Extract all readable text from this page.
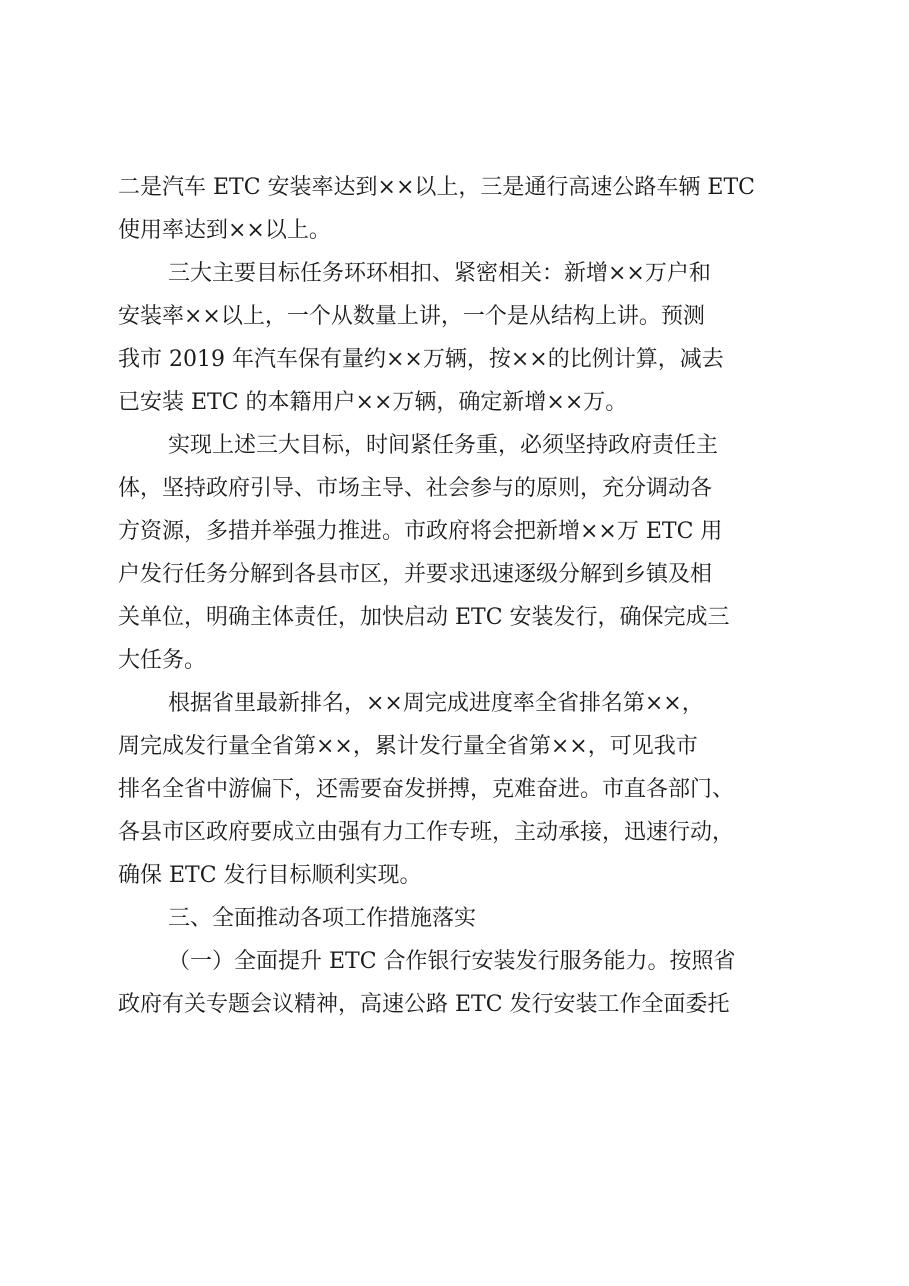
二是汽车 ETC 安装率达到××以上，三是通行高速公路车辆 ETC
使用率达到××以上。
三大主要目标任务环环相扣、紧密相关：新增××万户和
安装率××以上，一个从数量上讲，一个是从结构上讲。预测
我市 2019 年汽车保有量约××万辆，按××的比例计算，减去
已安装 ETC 的本籍用户××万辆，确定新增××万。
实现上述三大目标，时间紧任务重，必须坚持政府责任主
体，坚持政府引导、市场主导、社会参与的原则，充分调动各
方资源，多措并举强力推进。市政府将会把新增××万 ETC 用
户发行任务分解到各县市区，并要求迅速逐级分解到乡镇及相
关单位，明确主体责任，加快启动 ETC 安装发行，确保完成三
大任务。
根据省里最新排名，××周完成进度率全省排名第××，
周完成发行量全省第××，累计发行量全省第××，可见我市
排名全省中游偏下，还需要奋发拼搏，克难奋进。市直各部门、
各县市区政府要成立由强有力工作专班，主动承接，迅速行动，
确保 ETC 发行目标顺利实现。
三、全面推动各项工作措施落实
（一）全面提升 ETC 合作银行安装发行服务能力。按照省
政府有关专题会议精神，高速公路 ETC 发行安装工作全面委托
